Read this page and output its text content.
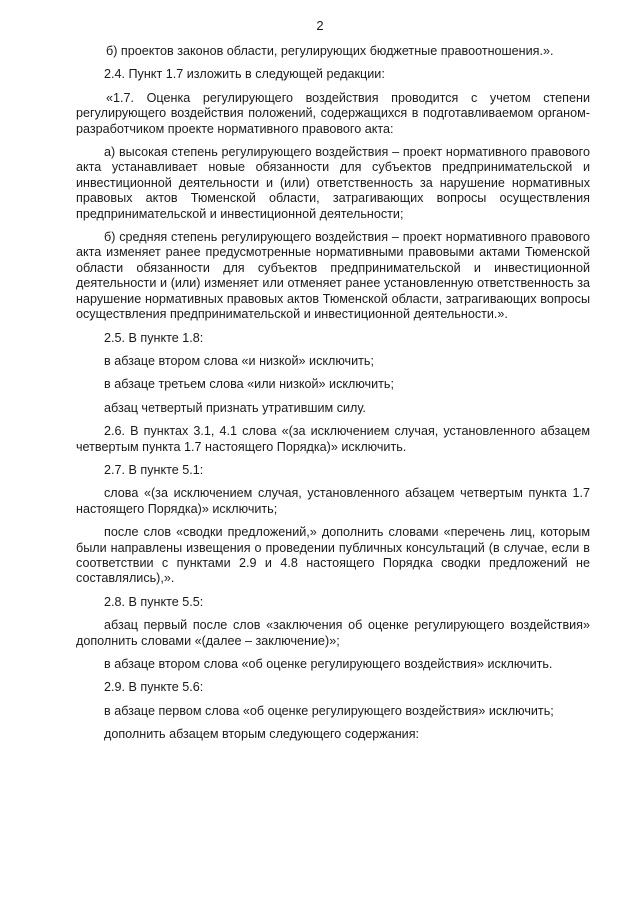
2

б) проектов законов области, регулирующих бюджетные правоотношения.».

2.4. Пункт 1.7 изложить в следующей редакции:

«1.7. Оценка регулирующего воздействия проводится с учетом степени регулирующего воздействия положений, содержащихся в подготавливаемом органом-разработчиком проекте нормативного правового акта:

а) высокая степень регулирующего воздействия – проект нормативного правового акта устанавливает новые обязанности для субъектов предпринимательской и инвестиционной деятельности и (или) ответственность за нарушение нормативных правовых актов Тюменской области, затрагивающих вопросы осуществления предпринимательской и инвестиционной деятельности;

б) средняя степень регулирующего воздействия – проект нормативного правового акта изменяет ранее предусмотренные нормативными правовыми актами Тюменской области обязанности для субъектов предпринимательской и инвестиционной деятельности и (или) изменяет или отменяет ранее установленную ответственность за нарушение нормативных правовых актов Тюменской области, затрагивающих вопросы осуществления предпринимательской и инвестиционной деятельности.».

2.5. В пункте 1.8:

в абзаце втором слова «и низкой» исключить;

в абзаце третьем слова «или низкой» исключить;

абзац четвертый признать утратившим силу.

2.6. В пунктах 3.1, 4.1 слова «(за исключением случая, установленного абзацем четвертым пункта 1.7 настоящего Порядка)» исключить.

2.7. В пункте 5.1:

слова «(за исключением случая, установленного абзацем четвертым пункта 1.7 настоящего Порядка)» исключить;

после слов «сводки предложений,» дополнить словами «перечень лиц, которым были направлены извещения о проведении публичных консультаций (в случае, если в соответствии с пунктами 2.9 и 4.8 настоящего Порядка сводки предложений не составлялись),».

2.8. В пункте 5.5:

абзац первый после слов «заключения об оценке регулирующего воздействия» дополнить словами «(далее – заключение)»;

в абзаце втором слова «об оценке регулирующего воздействия» исключить.

2.9. В пункте 5.6:

в абзаце первом слова «об оценке регулирующего воздействия» исключить;

дополнить абзацем вторым следующего содержания:
